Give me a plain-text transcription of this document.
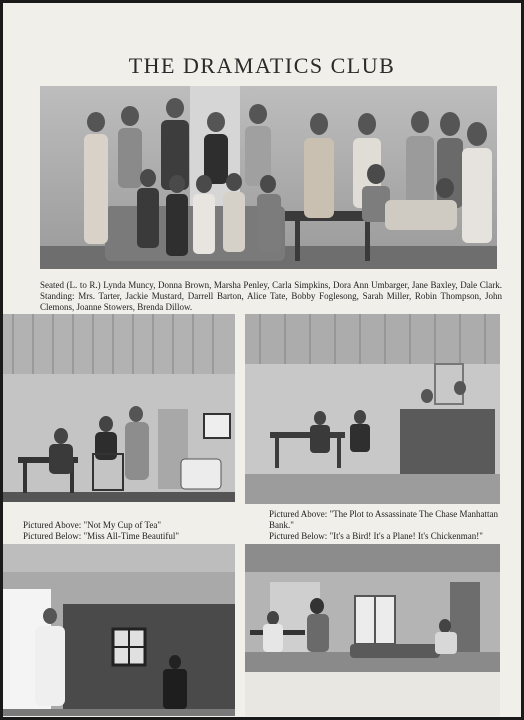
THE DRAMATICS CLUB
Seated (L. to R.) Lynda Muncy, Donna Brown, Marsha Penley, Carla Simpkins, Dora Ann Umbarger, Jane Baxley, Dale Clark. Standing: Mrs. Tarter, Jackie Mustard, Darrell Barton, Alice Tate, Bobby Foglesong, Sarah Miller, Robin Thompson, John Clemons, Joanne Stowers, Brenda Dillow.
Pictured Above: "Not My Cup of Tea"
Pictured Below: "Miss All-Time Beautiful"
Pictured Above: "The Plot to Assassinate The Chase Manhattan Bank."
Pictured Below: "It's a Bird! It's a Plane! It's Chickenman!"
